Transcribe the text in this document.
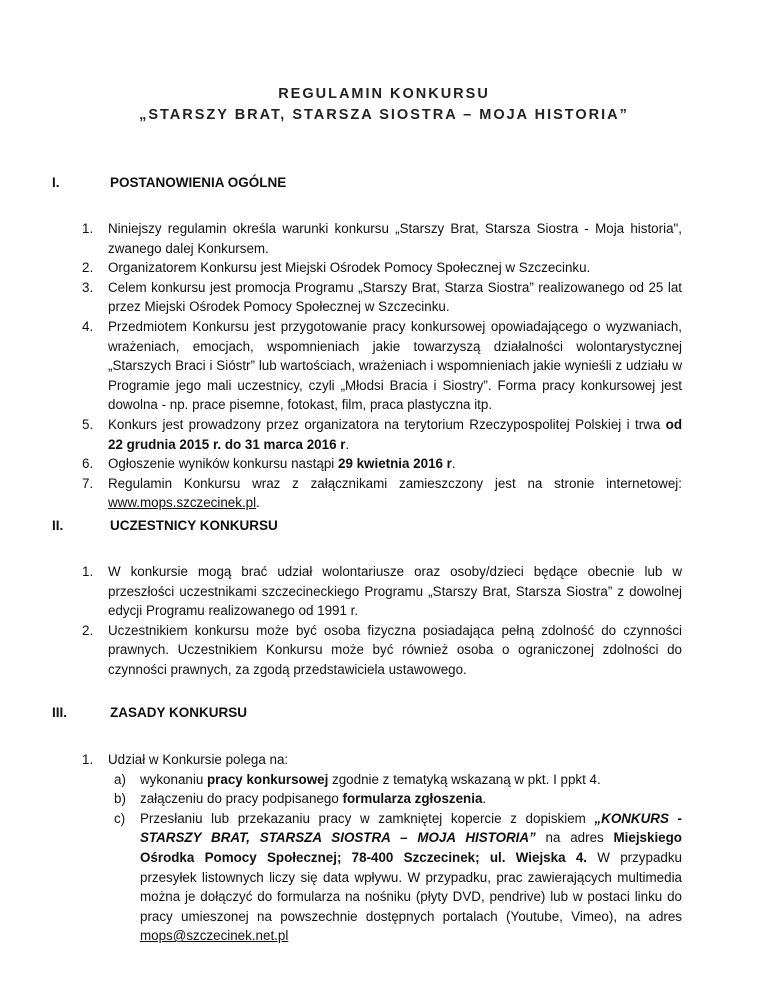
REGULAMIN KONKURSU
„STARSZY BRAT, STARSZA SIOSTRA – MOJA HISTORIA”
I.	POSTANOWIENIA OGÓLNE
1. Niniejszy regulamin określa warunki konkursu „Starszy Brat, Starsza Siostra - Moja historia", zwanego dalej Konkursem.
2. Organizatorem Konkursu jest Miejski Ośrodek Pomocy Społecznej w Szczecinku.
3. Celem konkursu jest promocja Programu „Starszy Brat, Starza Siostra” realizowanego od 25 lat przez Miejski Ośrodek Pomocy Społecznej w Szczecinku.
4. Przedmiotem Konkursu jest przygotowanie pracy konkursowej opowiadającego o wyzwaniach, wrażeniach, emocjach, wspomnieniach jakie towarzyszą działalności wolontarystycznej „Starszych Braci i Sióstr” lub wartościach, wrażeniach i wspomnieniach jakie wynieśli z udziału w Programie jego mali uczestnicy, czyli „Młodsi Bracia i Siostry”. Forma pracy konkursowej jest dowolna - np. prace pisemne, fotokast, film, praca plastyczna itp.
5. Konkurs jest prowadzony przez organizatora na terytorium Rzeczypospolitej Polskiej i trwa od 22 grudnia 2015 r. do 31 marca 2016 r.
6. Ogłoszenie wyników konkursu nastąpi 29 kwietnia 2016 r.
7. Regulamin Konkursu wraz z załącznikami zamieszczony jest na stronie internetowej: www.mops.szczecinek.pl.
II.	UCZESTNICY KONKURSU
1. W konkursie mogą brać udział wolontariusze oraz osoby/dzieci będące obecnie lub w przeszłości uczestnikami szczecineckiego Programu „Starszy Brat, Starsza Siostra” z dowolnej edycji Programu realizowanego od 1991 r.
2. Uczestnikiem konkursu może być osoba fizyczna posiadająca pełną zdolność do czynności prawnych. Uczestnikiem Konkursu może być również osoba o ograniczonej zdolności do czynności prawnych, za zgodą przedstawiciela ustawowego.
III.	ZASADY KONKURSU
1. Udział w Konkursie polega na:
a) wykonaniu pracy konkursowej zgodnie z tematyką wskazaną w pkt. I ppkt 4.
b) załączeniu do pracy podpisanego formularza zgłoszenia.
c) Przesłaniu lub przekazaniu pracy w zamkniętej kopercie z dopiskiem „KONKURS - STARSZY BRAT, STARSZA SIOSTRA – MOJA HISTORIA” na adres Miejskiego Ośrodka Pomocy Społecznej; 78-400 Szczecinek; ul. Wiejska 4. W przypadku przesyłek listownych liczy się data wpływu. W przypadku, prac zawierających multimedia można je dołączyć do formularza na nośniku (płyty DVD, pendrive) lub w postaci linku do pracy umieszonej na powszechnie dostępnych portalach (Youtube, Vimeo), na adres mops@szczecinek.net.pl
